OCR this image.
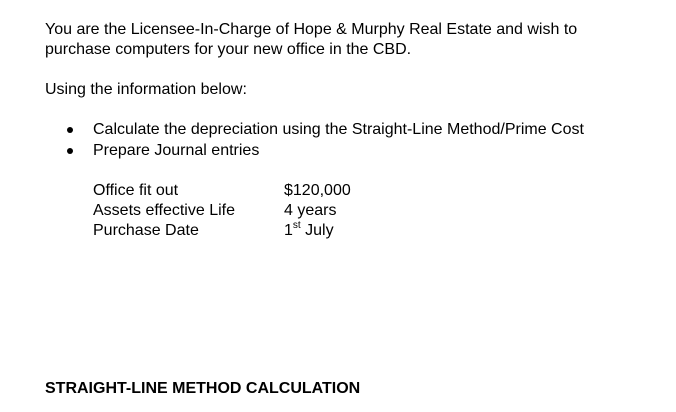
You are the Licensee-In-Charge of Hope & Murphy Real Estate and wish to
purchase computers for your new office in the CBD.

Using the information below:

Calculate the depreciation using the Straight-Line Method/Prime Cost
Prepare Journal entries
Office fit out	$120,000
Assets effective Life	4 years
Purchase Date	1st July

STRAIGHT-LINE METHOD CALCULATION
